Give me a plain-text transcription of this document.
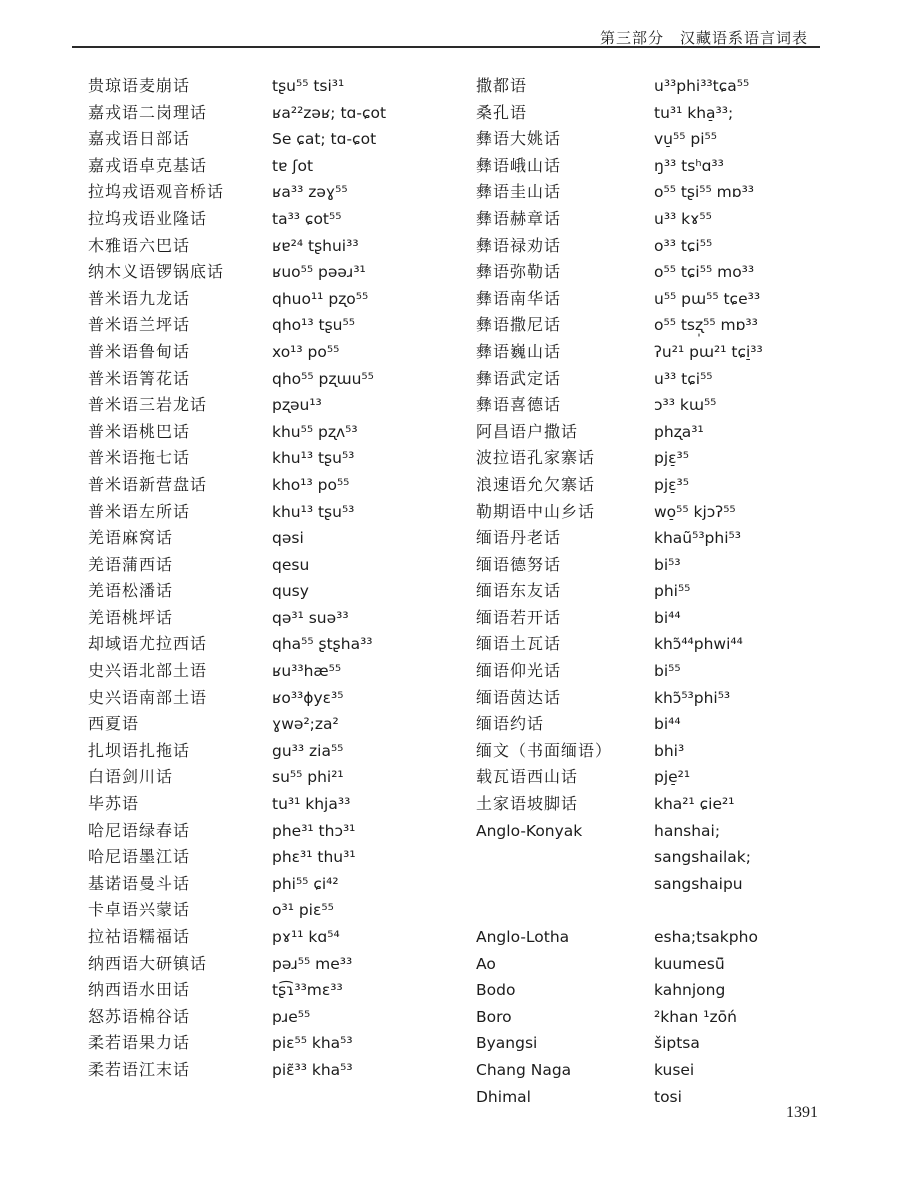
第三部分　汉藏语系语言词表
贵琼语麦崩话
嘉戎语二岗理话
嘉戎语日部话
嘉戎语卓克基话
拉坞戎语观音桥话
拉坞戎语业隆话
木雅语六巴话
纳木义语锣锅底话
普米语九龙话
普米语兰坪话
普米语鲁甸话
普米语箐花话
普米语三岩龙话
普米语桃巴话
普米语拖七话
普米语新营盘话
普米语左所话
羌语麻窝话
羌语蒲西话
羌语松潘话
羌语桃坪话
却域语尤拉西话
史兴语北部土语
史兴语南部土语
西夏语
扎坝语扎拖话
白语剑川话
毕苏语
哈尼语绿春话
哈尼语墨江话
基诺语曼斗话
卡卓语兴蒙话
拉祜语糯福话
纳西语大研镇话
纳西语水田话
怒苏语棉谷话
柔若语果力话
柔若语江末话
tʂu⁵⁵ tsi³¹
ʁa²²zəʁ; tɑ-ɕot
Se ɕat; tɑ-ɕot
tɐ ʃot
ʁa³³ zəɣ⁵⁵
ta³³ ɕot⁵⁵
ʁɐ²⁴ tʂhui³³
ʁuo⁵⁵ pəəɹ³¹
qhuo¹¹ pʐo⁵⁵
qho¹³ tʂu⁵⁵
xo¹³ po⁵⁵
qho⁵⁵ pʐɯu⁵⁵
pʐəu¹³
khu⁵⁵ pʐʌ⁵³
khu¹³ tʂu⁵³
kho¹³ po⁵⁵
khu¹³ tʂu⁵³
qəsi
qesu
qusy
qə³¹ suə³³
qha⁵⁵ ʂtʂha³³
ʁu³³hæ⁵⁵
ʁo³³ɸyɛ³⁵
ɣwə²;za²
gu³³ zia⁵⁵
su⁵⁵ phi²¹
tu³¹ khja³³
phe³¹ thɔ³¹
phɛ³¹ thu³¹
phi⁵⁵ ɕi⁴²
o³¹ piɛ⁵⁵
pɤ¹¹ kɑ⁵⁴
pəɹ⁵⁵ me³³
tʂ͡ɿ³³mɛ³³
pɹe⁵⁵
piɛ⁵⁵ kha⁵³
piɛ̃³³ kha⁵³
撒都语
桑孔语
彝语大姚话
彝语峨山话
彝语圭山话
彝语赫章话
彝语禄劝话
彝语弥勒话
彝语南华话
彝语撒尼话
彝语巍山话
彝语武定话
彝语喜德话
阿昌语户撒话
波拉语孔家寨话
浪速语允欠寨话
勒期语中山乡话
缅语丹老话
缅语德努话
缅语东友话
缅语若开话
缅语土瓦话
缅语仰光话
缅语茵达话
缅语约话
缅文（书面缅语）
载瓦语西山话
土家语坡脚话
Anglo-Konyak
Anglo-Lotha
Ao
Bodo
Boro
Byangsi
Chang Naga
Dhimal
u³³phi³³tɕa⁵⁵
tu³¹ kha̠³³;
vu̠⁵⁵ pi⁵⁵
ŋ³³ tsʰɑ³³
o⁵⁵ tʂi⁵⁵ mɒ³³
u³³ kɤ⁵⁵
o³³ tɕi⁵⁵
o⁵⁵ tɕi⁵⁵ mo³³
u⁵⁵ pɯ⁵⁵ tɕe³³
o⁵⁵ tsʐ̩⁵⁵ mɒ³³
ʔu²¹ pɯ²¹ tɕi̠³³
u³³ tɕi⁵⁵
ɔ³³ kɯ⁵⁵
phʐa³¹
pjɛ̠³⁵
pjɛ̠³⁵
wo̠⁵⁵ kjɔʔ⁵⁵
khaũ⁵³phi⁵³
bi⁵³
phi⁵⁵
bi⁴⁴
khɔ̃⁴⁴phwi⁴⁴
bi⁵⁵
khɔ̃⁵³phi⁵³
bi⁴⁴
bhi³
pje̠²¹
kha²¹ ɕie²¹
hanshai;
sangshailak;
sangshaipu
esha;tsakpho
kuumesü̃
kahnjong
²khan ¹zōń
šiptsa
kusei
tosi
1391
